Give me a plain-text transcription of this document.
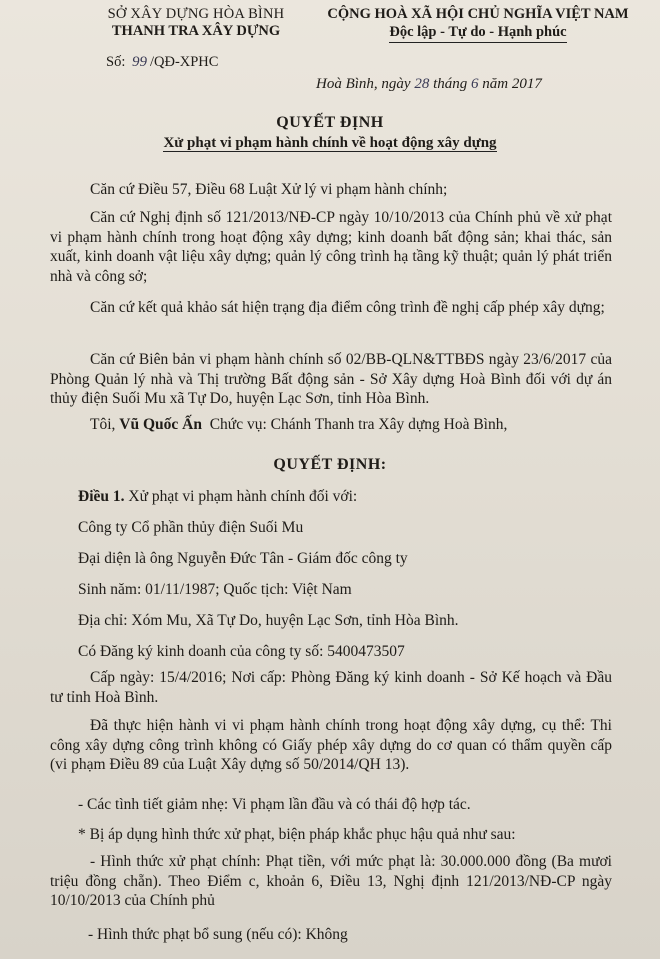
SỞ XÂY DỰNG HÒA BÌNH
THANH TRA XÂY DỰNG
Số: 99 /QĐ-XPHC
CỘNG HOÀ XÃ HỘI CHỦ NGHĨA VIỆT NAM
Độc lập - Tự do - Hạnh phúc
Hoà Bình, ngày 28 tháng 6 năm 2017
QUYẾT ĐỊNH
Xử phạt vi phạm hành chính về hoạt động xây dựng
Căn cứ Điều 57, Điều 68 Luật Xử lý vi phạm hành chính;
Căn cứ Nghị định số 121/2013/NĐ-CP ngày 10/10/2013 của Chính phủ về xử phạt vi phạm hành chính trong hoạt động xây dựng; kinh doanh bất động sản; khai thác, sản xuất, kinh doanh vật liệu xây dựng; quản lý công trình hạ tầng kỹ thuật; quản lý phát triển nhà và công sở;
Căn cứ kết quả khảo sát hiện trạng địa điểm công trình đề nghị cấp phép xây dựng;
Căn cứ Biên bản vi phạm hành chính số 02/BB-QLN&TTBĐS ngày 23/6/2017 của Phòng Quản lý nhà và Thị trường Bất động sản - Sở Xây dựng Hoà Bình đối với dự án thủy điện Suối Mu xã Tự Do, huyện Lạc Sơn, tỉnh Hòa Bình.
Tôi, Vũ Quốc Ấn Chức vụ: Chánh Thanh tra Xây dựng Hoà Bình,
QUYẾT ĐỊNH:
Điều 1. Xử phạt vi phạm hành chính đối với:
Công ty Cổ phần thủy điện Suối Mu
Đại diện là ông Nguyễn Đức Tân - Giám đốc công ty
Sinh năm: 01/11/1987; Quốc tịch: Việt Nam
Địa chỉ: Xóm Mu, Xã Tự Do, huyện Lạc Sơn, tỉnh Hòa Bình.
Có Đăng ký kinh doanh của công ty số: 5400473507
Cấp ngày: 15/4/2016; Nơi cấp: Phòng Đăng ký kinh doanh - Sở Kế hoạch và Đầu tư tỉnh Hoà Bình.
Đã thực hiện hành vi vi phạm hành chính trong hoạt động xây dựng, cụ thể: Thi công xây dựng công trình không có Giấy phép xây dựng do cơ quan có thẩm quyền cấp (vi phạm Điều 89 của Luật Xây dựng số 50/2014/QH 13).
- Các tình tiết giảm nhẹ: Vi phạm lần đầu và có thái độ hợp tác.
* Bị áp dụng hình thức xử phạt, biện pháp khắc phục hậu quả như sau:
- Hình thức xử phạt chính: Phạt tiền, với mức phạt là: 30.000.000 đồng (Ba mươi triệu đồng chẵn). Theo Điểm c, khoản 6, Điều 13, Nghị định 121/2013/NĐ-CP ngày 10/10/2013 của Chính phủ
- Hình thức phạt bổ sung (nếu có): Không
